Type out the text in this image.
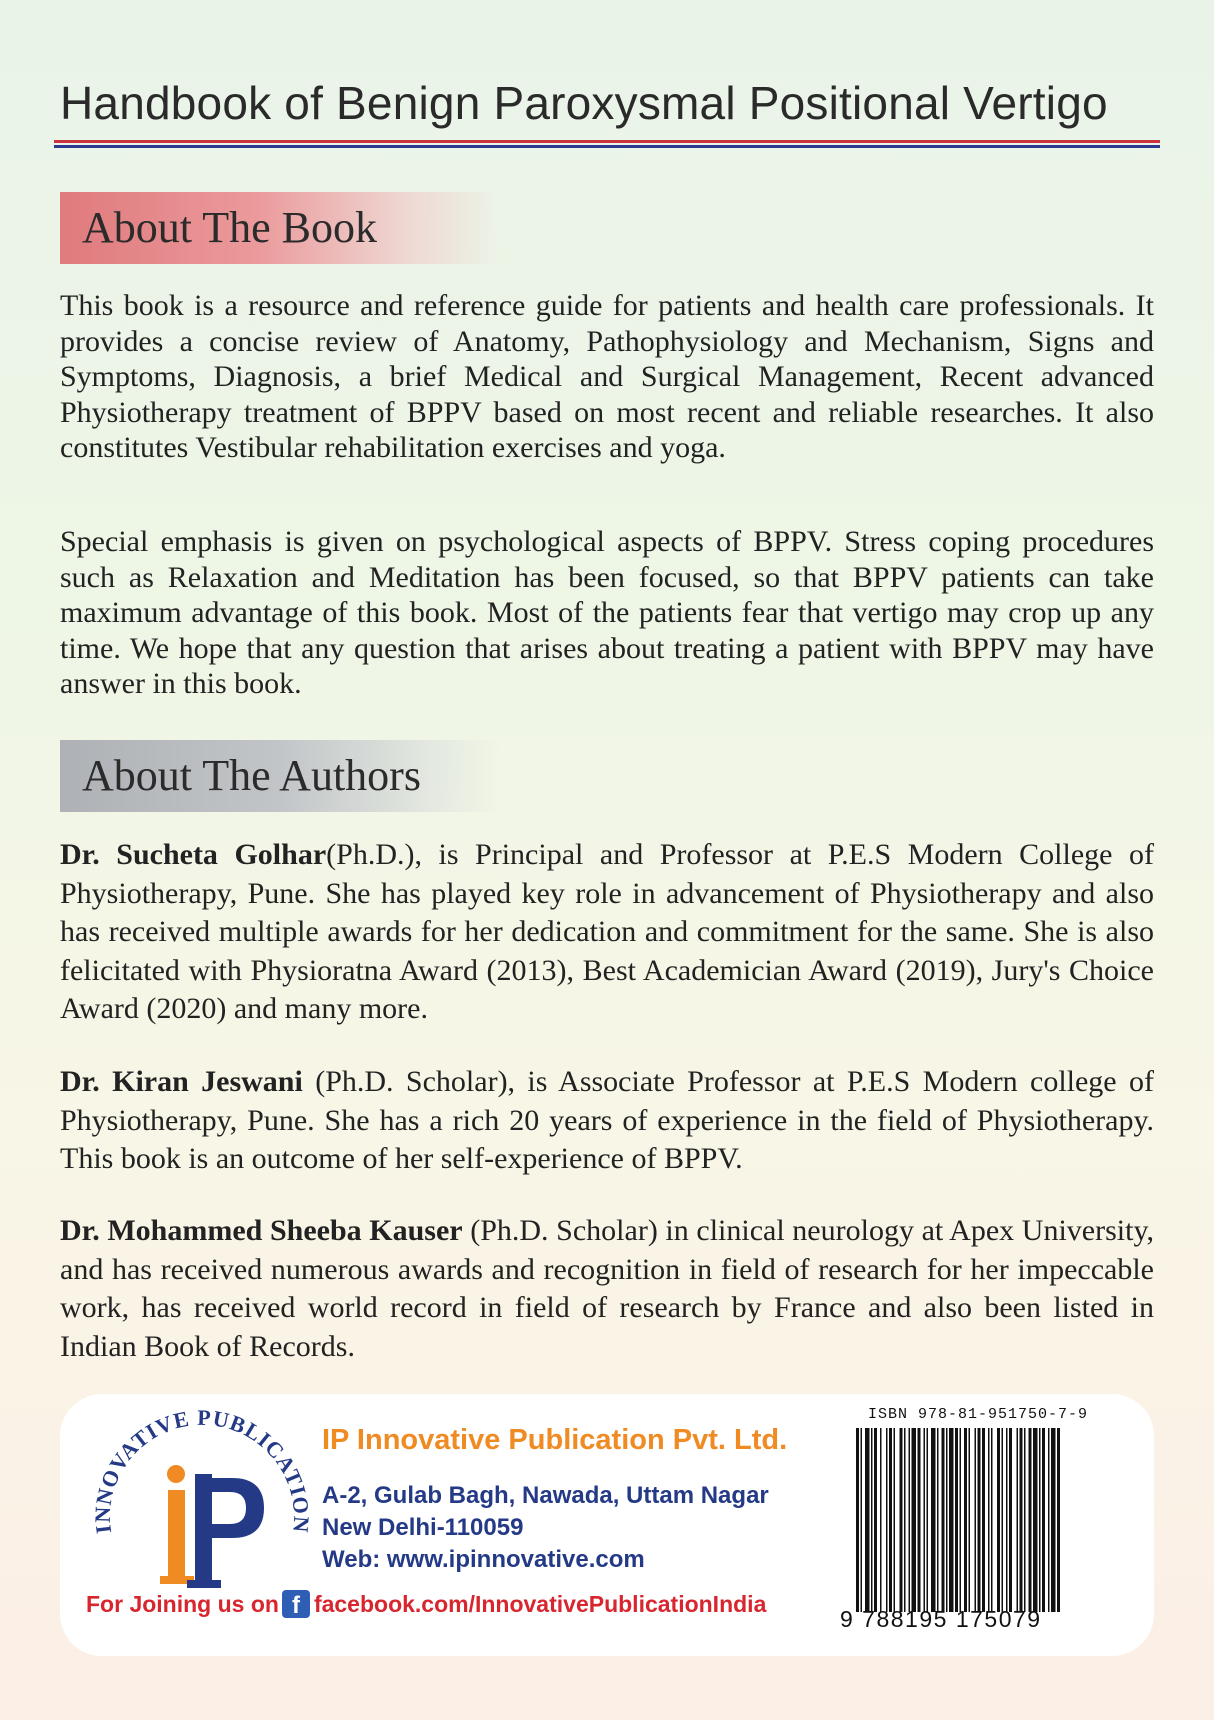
Handbook of Benign Paroxysmal Positional Vertigo
About The Book
This book is a resource and reference guide for patients and health care professionals. It provides a concise review of Anatomy, Pathophysiology and Mechanism, Signs and Symptoms, Diagnosis, a brief Medical and Surgical Management, Recent advanced Physiotherapy treatment of BPPV based on most recent and reliable researches. It also constitutes Vestibular rehabilitation exercises and yoga.
Special emphasis is given on psychological aspects of BPPV. Stress coping procedures such as Relaxation and Meditation has been focused, so that BPPV patients can take maximum advantage of this book. Most of the patients fear that vertigo may crop up any time. We hope that any question that arises about treating a patient with BPPV may have answer in this book.
About The Authors
Dr. Sucheta Golhar(Ph.D.), is Principal and Professor at P.E.S Modern College of Physiotherapy, Pune. She has played key role in advancement of Physiotherapy and also has received multiple awards for her dedication and commitment for the same. She is also felicitated with Physioratna Award (2013), Best Academician Award (2019), Jury's Choice Award (2020) and many more.
Dr. Kiran Jeswani (Ph.D. Scholar), is Associate Professor at P.E.S Modern college of Physiotherapy, Pune. She has a rich 20 years of experience in the field of Physiotherapy. This book is an outcome of her self-experience of BPPV.
Dr. Mohammed Sheeba Kauser (Ph.D. Scholar) in clinical neurology at Apex University, and has received numerous awards and recognition in field of research for her impeccable work, has received world record in field of research by France and also been listed in Indian Book of Records.
INNOVATIVE PUBLICATION
IP Innovative Publication Pvt. Ltd.
A-2, Gulab Bagh, Nawada, Uttam Nagar
New Delhi-110059
Web: www.ipinnovative.com
For Joining us on f facebook.com/InnovativePublicationIndia
ISBN 978-81-951750-7-9
9 788195 175079
